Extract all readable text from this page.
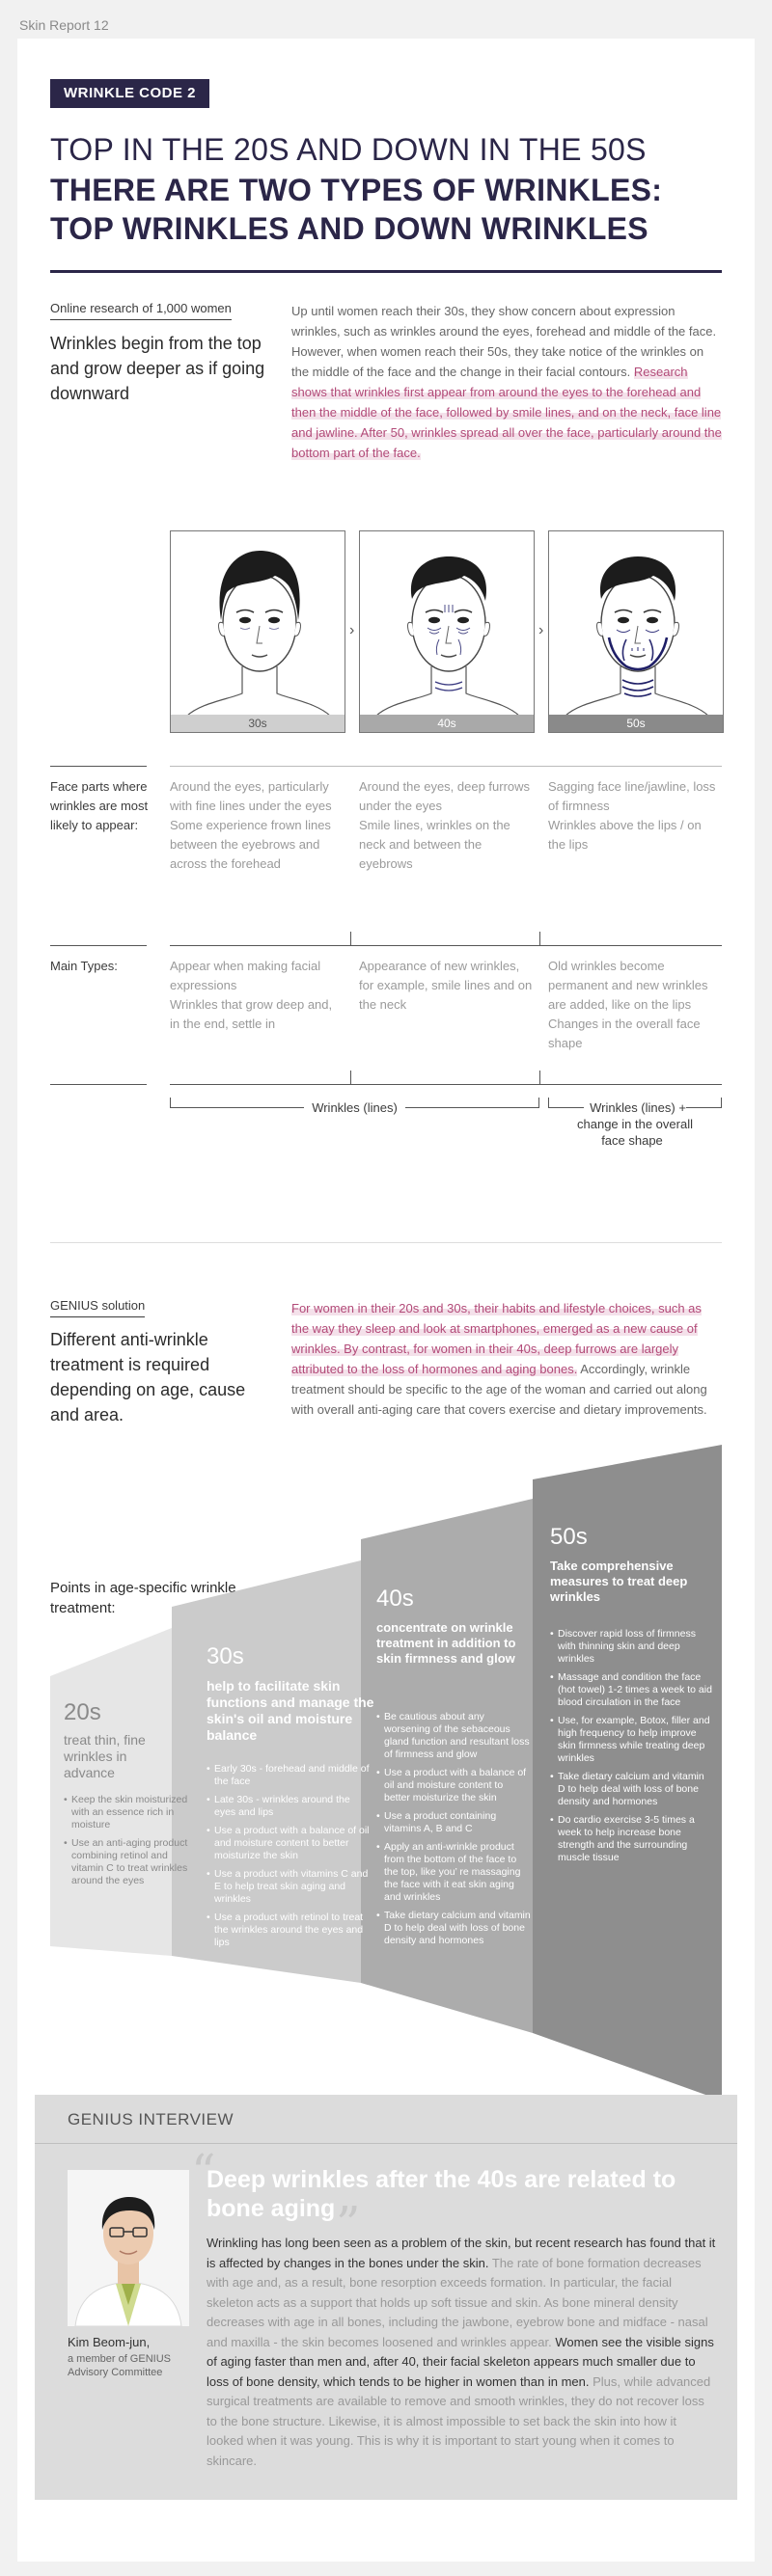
Skin Report 12
WRINKLE CODE 2
TOP IN THE 20S AND DOWN IN THE 50S
THERE ARE TWO TYPES OF WRINKLES:
TOP WRINKLES AND DOWN WRINKLES
Online research of 1,000 women
Wrinkles begin from the top and grow deeper as if going downward
Up until women reach their 30s, they show concern about expression wrinkles, such as wrinkles around the eyes, forehead and middle of the face. However, when women reach their 50s, they take notice of the wrinkles on the middle of the face and the change in their facial contours. Research shows that wrinkles first appear from around the eyes to the forehead and then the middle of the face, followed by smile lines, and on the neck, face line and jawline. After 50, wrinkles spread all over the face, particularly around the bottom part of the face.
30s
›
40s
›
50s
Face parts where wrinkles are most likely to appear:
Around the eyes, particularly with fine lines under the eyes
Some experience frown lines between the eyebrows and across the forehead
Around the eyes, deep furrows under the eyes
Smile lines, wrinkles on the neck and between the eyebrows
Sagging face line/jawline, loss of firmness
Wrinkles above the lips / on the lips
Main Types:	Appear when making facial expressions
Wrinkles that grow deep and, in the end, settle in
Appearance of new wrinkles, for example, smile lines and on the neck
Old wrinkles become permanent and new wrinkles are added, like on the lips
Changes in the overall face shape
Wrinkles (lines)	Wrinkles (lines) +
change in the overall
face shape
GENIUS solution
Different anti-wrinkle treatment is required depending on age, cause and area.
For women in their 20s and 30s, their habits and lifestyle choices, such as the way they sleep and look at smartphones, emerged as a new cause of wrinkles. By contrast, for women in their 40s, deep furrows are largely attributed to the loss of hormones and aging bones. Accordingly, wrinkle treatment should be specific to the age of the woman and carried out along with overall anti-aging care that covers exercise and dietary improvements.
Points in age-specific wrinkle treatment:
20s
treat thin, fine wrinkles in advance
• Keep the skin moisturized with an essence rich in moisture
• Use an anti-aging product combining retinol and vitamin C to treat wrinkles around the eyes
30s
help to facilitate skin functions and manage the skin's oil and moisture balance
• Early 30s - forehead and middle of the face
• Late 30s - wrinkles around the eyes and lips
• Use a product with a balance of oil and moisture content to better moisturize the skin
• Use a product with vitamins C and E to help treat skin aging and wrinkles
• Use a product with retinol to treat the wrinkles around the eyes and lips
40s
concentrate on wrinkle treatment in addition to skin firmness and glow
• Be cautious about any worsening of the sebaceous gland function and resultant loss of firmness and glow
• Use a product with a balance of oil and moisture content to better moisturize the skin
• Use a product containing vitamins A, B and C
• Apply an anti-wrinkle product from the bottom of the face to the top, like you’ re massaging the face with it eat skin aging and wrinkles
• Take dietary calcium and vitamin D to help deal with loss of bone density and hormones
50s
Take comprehensive measures to treat deep wrinkles
• Discover rapid loss of firmness with thinning skin and deep wrinkles
• Massage and condition the face (hot towel) 1-2 times a week to aid blood circulation in the face
• Use, for example, Botox, filler and high frequency to help improve skin firmness while treating deep wrinkles
• Take dietary calcium and vitamin D to help deal with loss of bone density and hormones
• Do cardio exercise 3-5 times a week to help increase bone strength and the surrounding muscle tissue
GENIUS INTERVIEW
Kim Beom-jun,
a member of GENIUS Advisory Committee
“
Deep wrinkles after the 40s are related to bone aging ”
Wrinkling has long been seen as a problem of the skin, but recent research has found that it is affected by changes in the bones under the skin. The rate of bone formation decreases with age and, as a result, bone resorption exceeds formation. In particular, the facial skeleton acts as a support that holds up soft tissue and skin. As bone mineral density decreases with age in all bones, including the jawbone, eyebrow bone and midface - nasal and maxilla - the skin becomes loosened and wrinkles appear. Women see the visible signs of aging faster than men and, after 40, their facial skeleton appears much smaller due to loss of bone density, which tends to be higher in women than in men. Plus, while advanced surgical treatments are available to remove and smooth wrinkles, they do not recover loss to the bone structure. Likewise, it is almost impossible to set back the skin into how it looked when it was young. This is why it is important to start young when it comes to skincare.
